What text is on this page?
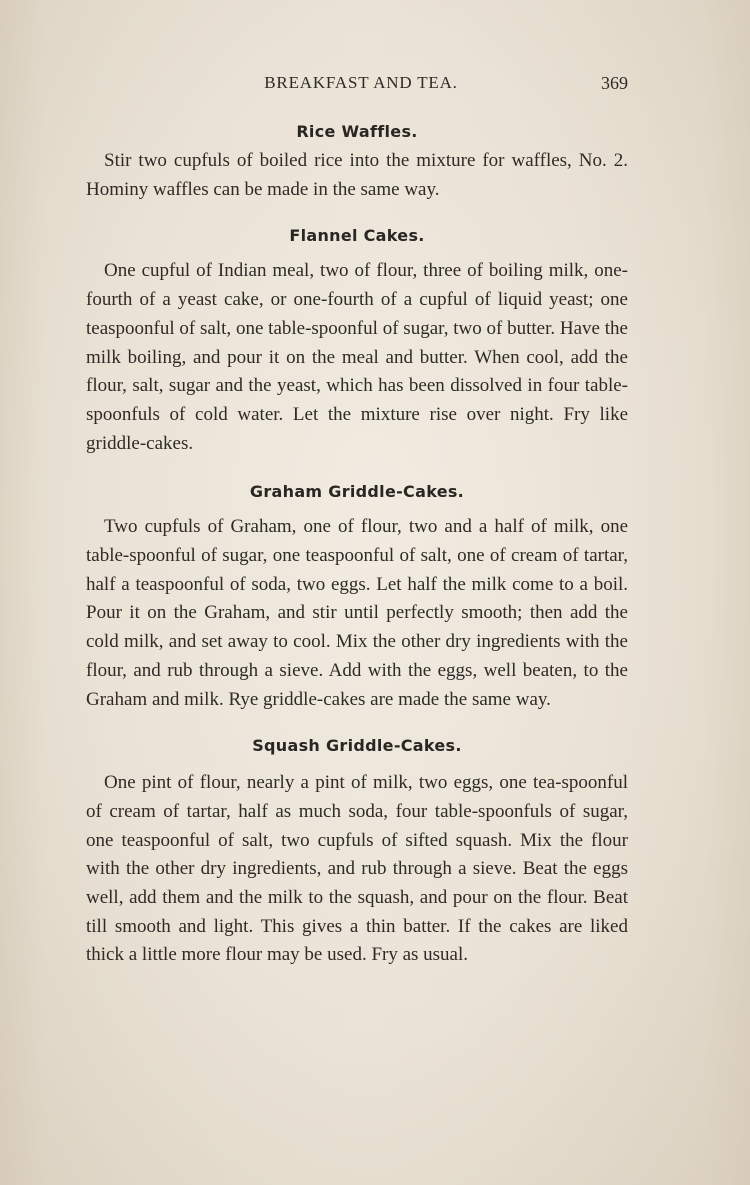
BREAKFAST AND TEA.	369
Rice Waffles.

Stir two cupfuls of boiled rice into the mixture for waffles, No. 2. Hominy waffles can be made in the same way.

Flannel Cakes.

One cupful of Indian meal, two of flour, three of boiling milk, one-fourth of a yeast cake, or one-fourth of a cupful of liquid yeast; one teaspoonful of salt, one table-spoonful of sugar, two of butter. Have the milk boiling, and pour it on the meal and butter. When cool, add the flour, salt, sugar and the yeast, which has been dissolved in four table-spoonfuls of cold water. Let the mixture rise over night. Fry like griddle-cakes.

Graham Griddle-Cakes.

Two cupfuls of Graham, one of flour, two and a half of milk, one table-spoonful of sugar, one teaspoonful of salt, one of cream of tartar, half a teaspoonful of soda, two eggs. Let half the milk come to a boil. Pour it on the Graham, and stir until perfectly smooth; then add the cold milk, and set away to cool. Mix the other dry ingredients with the flour, and rub through a sieve. Add with the eggs, well beaten, to the Graham and milk. Rye griddle-cakes are made the same way.

Squash Griddle-Cakes.

One pint of flour, nearly a pint of milk, two eggs, one tea-spoonful of cream of tartar, half as much soda, four table-spoonfuls of sugar, one teaspoonful of salt, two cupfuls of sifted squash. Mix the flour with the other dry ingredients, and rub through a sieve. Beat the eggs well, add them and the milk to the squash, and pour on the flour. Beat till smooth and light. This gives a thin batter. If the cakes are liked thick a little more flour may be used. Fry as usual.
